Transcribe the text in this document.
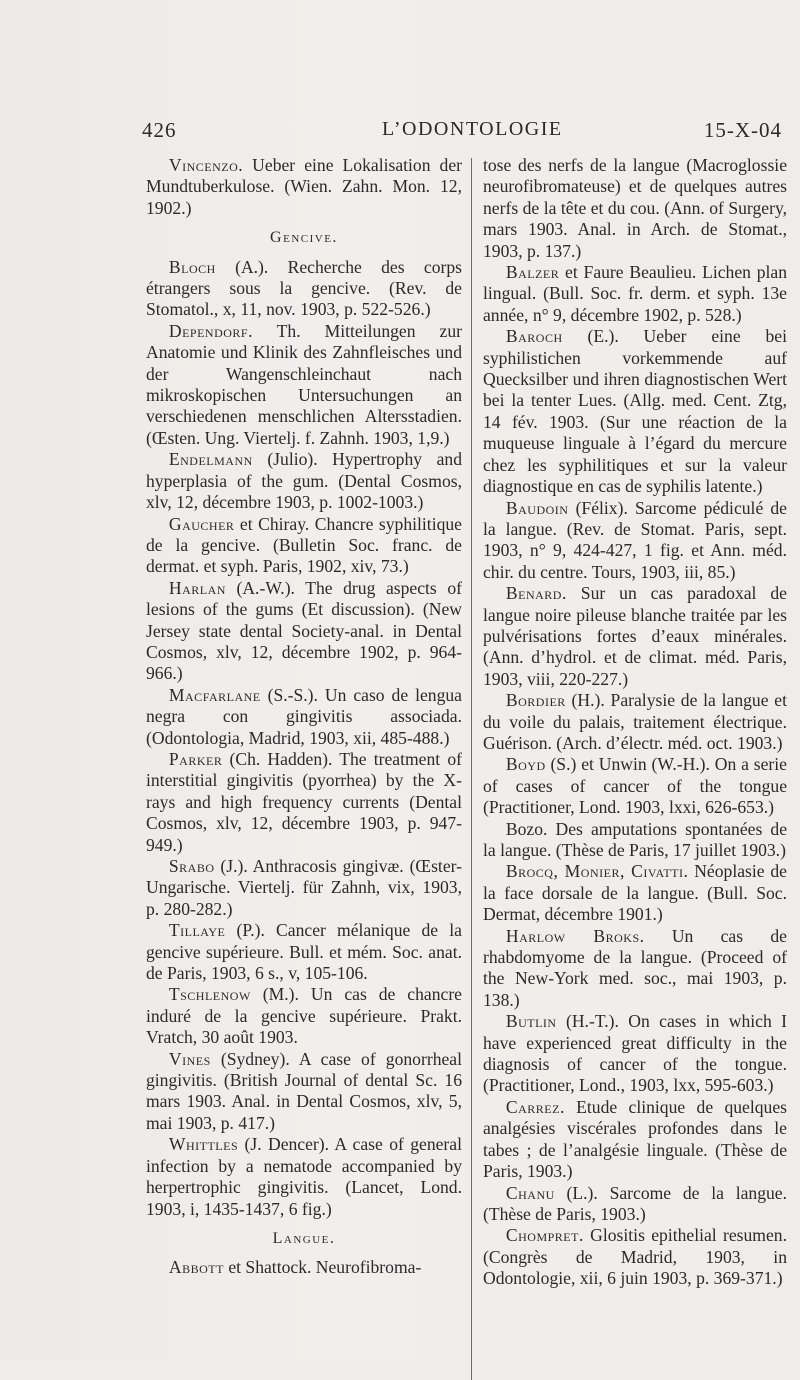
426	L’ODONTOLOGIE	15-X-04

Vincenzo. Ueber eine Lokalisation der Mundtuberkulose. (Wien. Zahn. Mon. 12, 1902.)

Gencive.

Bloch (A.). Recherche des corps étrangers sous la gencive. (Rev. de Stomatol., x, 11, nov. 1903, p. 522-526.)

Dependorf. Th. Mitteilungen zur Anatomie und Klinik des Zahnfleisches und der Wangenschleinchaut nach mikroskopischen Untersuchungen an verschiedenen menschlichen Altersstadien. (Œsten. Ung. Viertelj. f. Zahnh. 1903, 1,9.)

Endelmann (Julio). Hypertrophy and hyperplasia of the gum. (Dental Cosmos, xlv, 12, décembre 1903, p. 1002-1003.)

Gaucher et Chiray. Chancre syphilitique de la gencive. (Bulletin Soc. franc. de dermat. et syph. Paris, 1902, xiv, 73.)

Harlan (A.-W.). The drug aspects of lesions of the gums (Et discussion). (New Jersey state dental Society-anal. in Dental Cosmos, xlv, 12, décembre 1902, p. 964-966.)

Macfarlane (S.-S.). Un caso de lengua negra con gingivitis associada. (Odontologia, Madrid, 1903, xii, 485-488.)

Parker (Ch. Hadden). The treatment of interstitial gingivitis (pyorrhea) by the X-rays and high frequency currents (Dental Cosmos, xlv, 12, décembre 1903, p. 947-949.)

Srabo (J.). Anthracosis gingivæ. (Œster-Ungarische. Viertelj. für Zahnh, vix, 1903, p. 280-282.)

Tillaye (P.). Cancer mélanique de la gencive supérieure. Bull. et mém. Soc. anat. de Paris, 1903, 6 s., v, 105-106.

Tschlenow (M.). Un cas de chancre induré de la gencive supérieure. Prakt. Vratch, 30 août 1903.

Vines (Sydney). A case of gonorrheal gingivitis. (British Journal of dental Sc. 16 mars 1903. Anal. in Dental Cosmos, xlv, 5, mai 1903, p. 417.)

Whittles (J. Dencer). A case of general infection by a nematode accompanied by herpertrophic gingivitis. (Lancet, Lond. 1903, i, 1435-1437, 6 fig.)

Langue.

Abbott et Shattock. Neurofibroma-

tose des nerfs de la langue (Macroglossie neurofibromateuse) et de quelques autres nerfs de la tête et du cou. (Ann. of Surgery, mars 1903. Anal. in Arch. de Stomat., 1903, p. 137.)

Balzer et Faure Beaulieu. Lichen plan lingual. (Bull. Soc. fr. derm. et syph. 13e année, n° 9, décembre 1902, p. 528.)

Baroch (E.). Ueber eine bei syphilistichen vorkemmende auf Quecksilber und ihren diagnostischen Wert bei la tenter Lues. (Allg. med. Cent. Ztg, 14 fév. 1903. (Sur une réaction de la muqueuse linguale à l’égard du mercure chez les syphilitiques et sur la valeur diagnostique en cas de syphilis latente.)

Baudoin (Félix). Sarcome pédiculé de la langue. (Rev. de Stomat. Paris, sept. 1903, n° 9, 424-427, 1 fig. et Ann. méd. chir. du centre. Tours, 1903, iii, 85.)

Benard. Sur un cas paradoxal de langue noire pileuse blanche traitée par les pulvérisations fortes d’eaux minérales. (Ann. d’hydrol. et de climat. méd. Paris, 1903, viii, 220-227.)

Bordier (H.). Paralysie de la langue et du voile du palais, traitement électrique. Guérison. (Arch. d’électr. méd. oct. 1903.)

Boyd (S.) et Unwin (W.-H.). On a serie of cases of cancer of the tongue (Practitioner, Lond. 1903, lxxi, 626-653.)

Bozo. Des amputations spontanées de la langue. (Thèse de Paris, 17 juillet 1903.)

Brocq, Monier, Civatti. Néoplasie de la face dorsale de la langue. (Bull. Soc. Dermat, décembre 1901.)

Harlow Broks. Un cas de rhabdomyome de la langue. (Proceed of the New-York med. soc., mai 1903, p. 138.)

Butlin (H.-T.). On cases in which I have experienced great difficulty in the diagnosis of cancer of the tongue. (Practitioner, Lond., 1903, lxx, 595-603.)

Carrez. Etude clinique de quelques analgésies viscérales profondes dans le tabes ; de l’analgésie linguale. (Thèse de Paris, 1903.)

Chanu (L.). Sarcome de la langue. (Thèse de Paris, 1903.)

Chompret. Glositis epithelial resumen. (Congrès de Madrid, 1903, in Odontologie, xii, 6 juin 1903, p. 369-371.)
